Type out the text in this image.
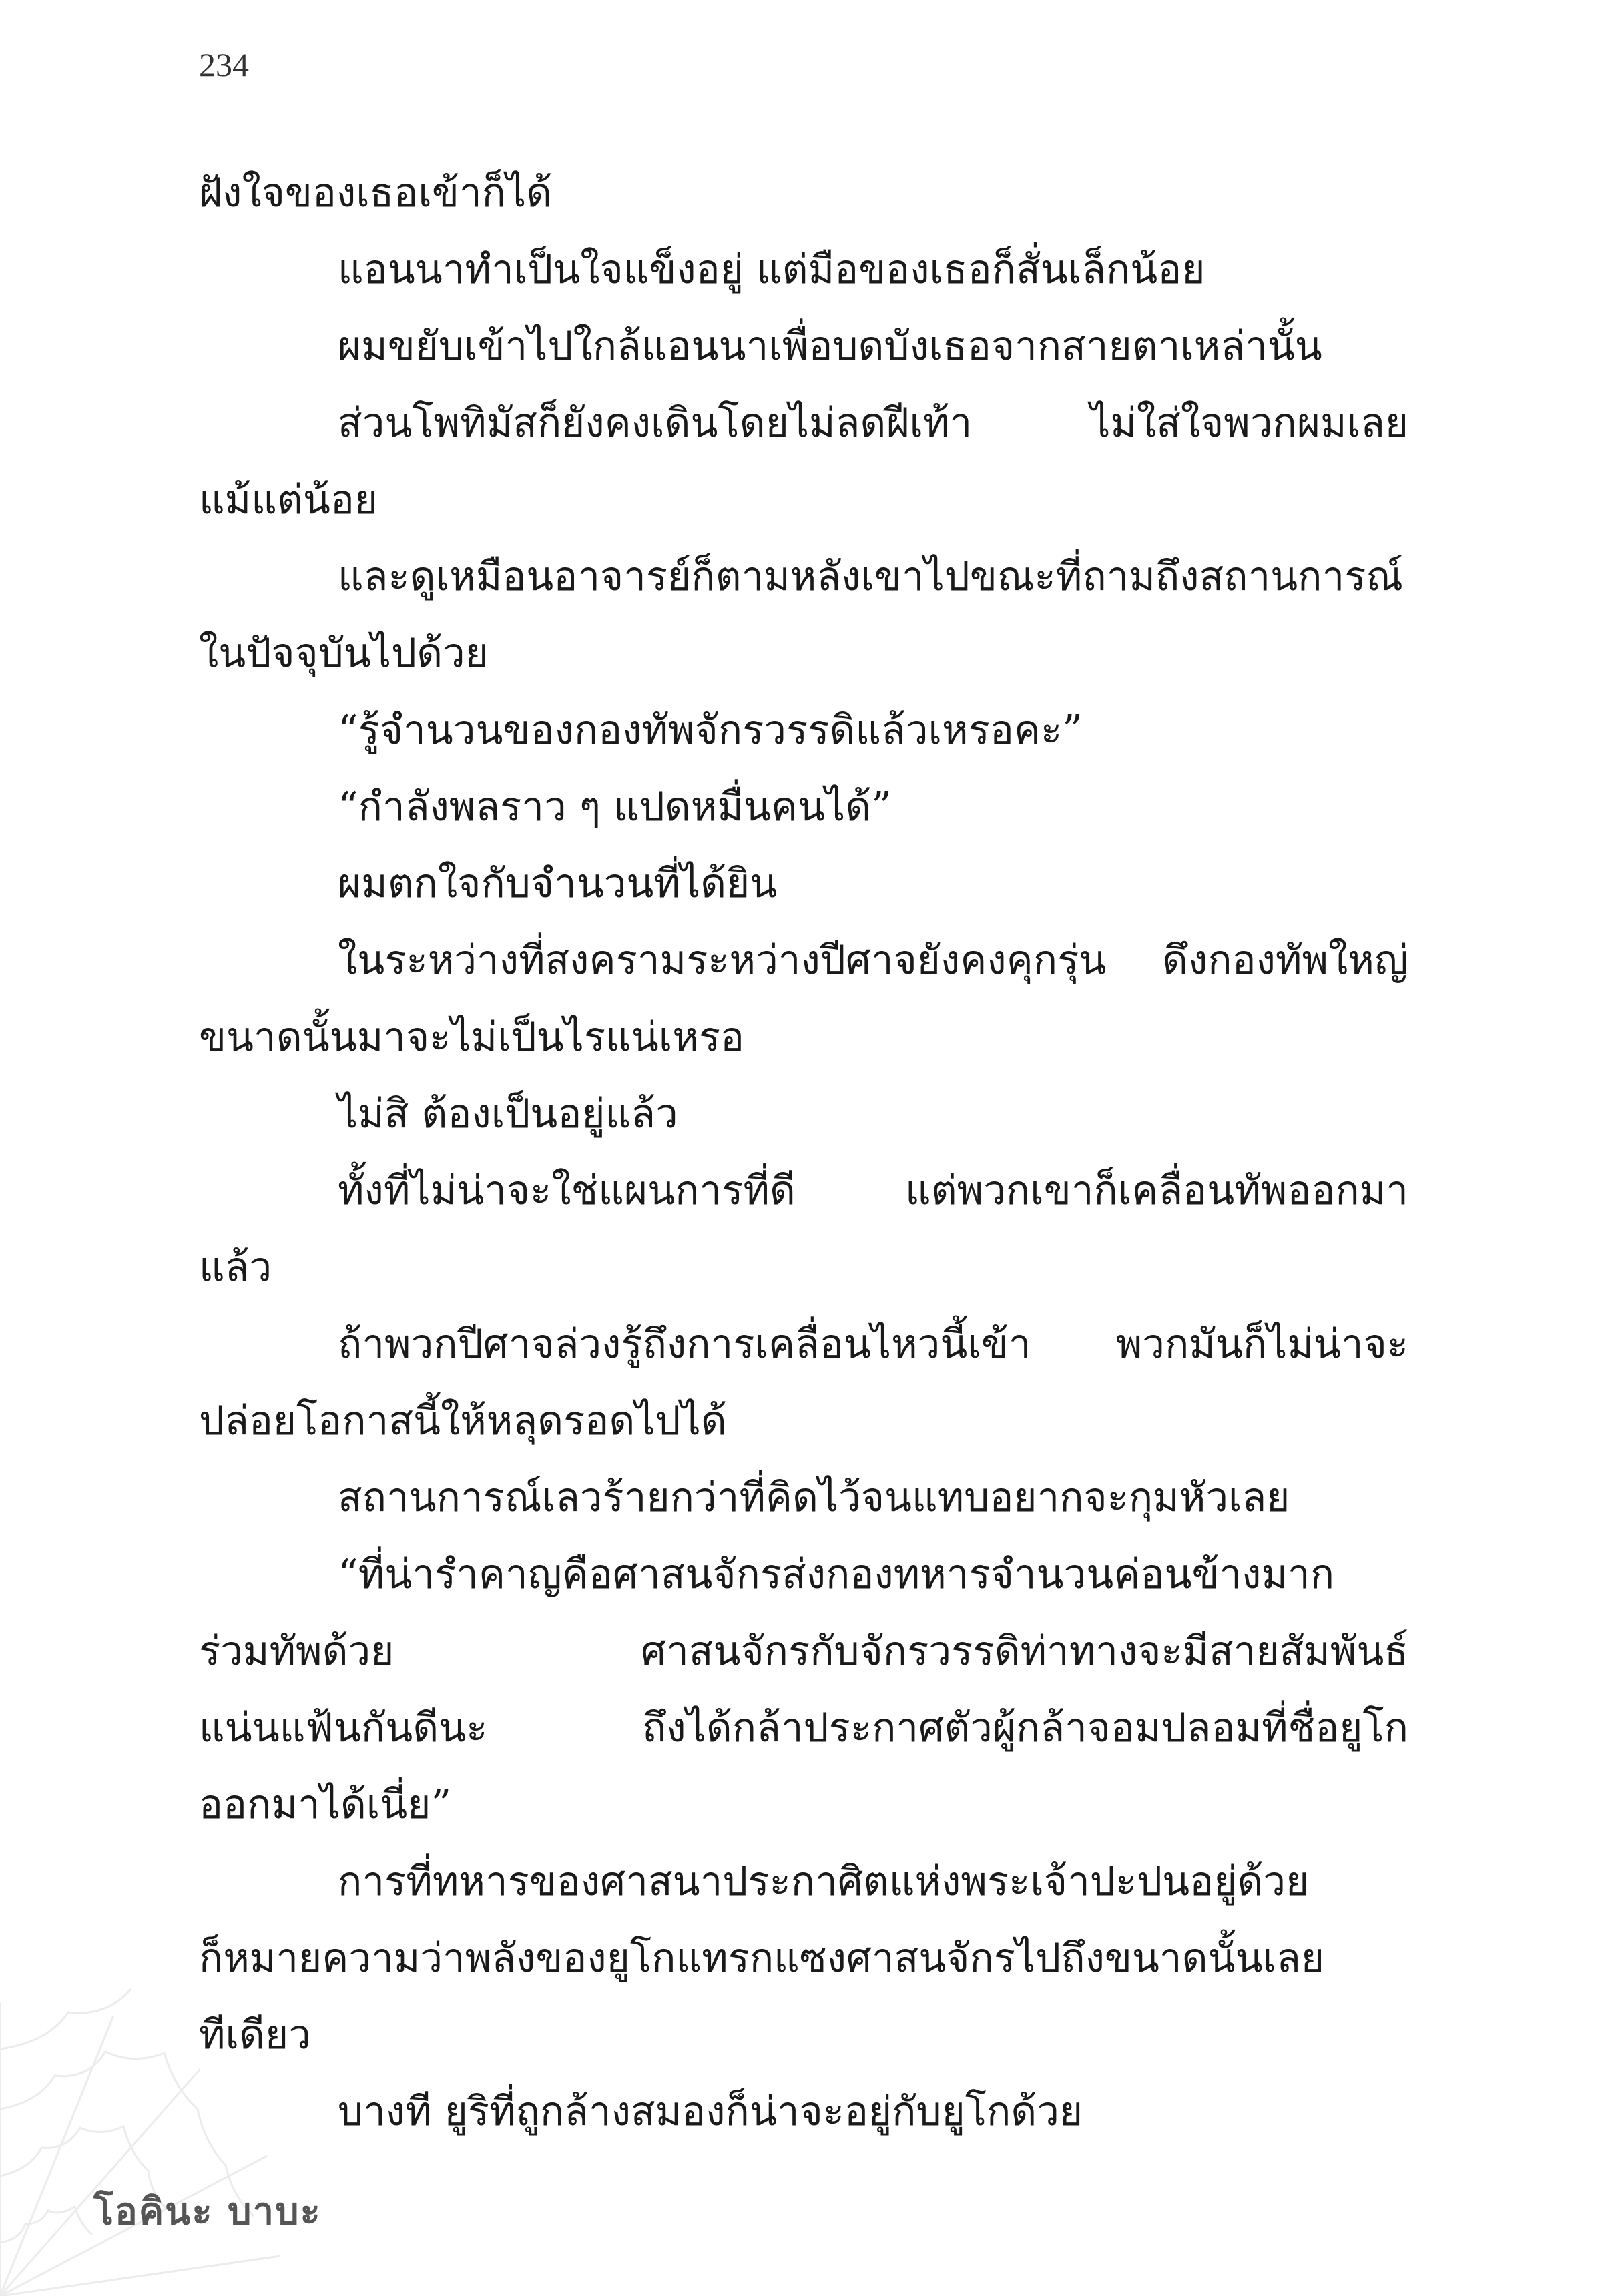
234
ฝังใจของเธอเข้าก็ได้
แอนนาทำเป็นใจแข็งอยู่ แต่มือของเธอก็สั่นเล็กน้อย
ผมขยับเข้าไปใกล้แอนนาเพื่อบดบังเธอจากสายตาเหล่านั้น
ส่วนโพทิมัสก็ยังคงเดินโดยไม่ลดฝีเท้า ไม่ใส่ใจพวกผมเลย
แม้แต่น้อย
และดูเหมือนอาจารย์ก็ตามหลังเขาไปขณะที่ถามถึงสถานการณ์
ในปัจจุบันไปด้วย
“รู้จำนวนของกองทัพจักรวรรดิแล้วเหรอคะ”
“กำลังพลราว ๆ แปดหมื่นคนได้”
ผมตกใจกับจำนวนที่ได้ยิน
ในระหว่างที่สงครามระหว่างปีศาจยังคงคุกรุ่น ดึงกองทัพใหญ่
ขนาดนั้นมาจะไม่เป็นไรแน่เหรอ
ไม่สิ ต้องเป็นอยู่แล้ว
ทั้งที่ไม่น่าจะใช่แผนการที่ดี แต่พวกเขาก็เคลื่อนทัพออกมา
แล้ว
ถ้าพวกปีศาจล่วงรู้ถึงการเคลื่อนไหวนี้เข้า พวกมันก็ไม่น่าจะ
ปล่อยโอกาสนี้ให้หลุดรอดไปได้
สถานการณ์เลวร้ายกว่าที่คิดไว้จนแทบอยากจะกุมหัวเลย
“ที่น่ารำคาญคือศาสนจักรส่งกองทหารจำนวนค่อนข้างมาก
ร่วมทัพด้วย ศาสนจักรกับจักรวรรดิท่าทางจะมีสายสัมพันธ์
แน่นแฟ้นกันดีนะ ถึงได้กล้าประกาศตัวผู้กล้าจอมปลอมที่ชื่อยูโก
ออกมาได้เนี่ย”
การที่ทหารของศาสนาประกาศิตแห่งพระเจ้าปะปนอยู่ด้วย
ก็หมายความว่าพลังของยูโกแทรกแซงศาสนจักรไปถึงขนาดนั้นเลย
ทีเดียว
บางที ยูริที่ถูกล้างสมองก็น่าจะอยู่กับยูโกด้วย
โอคินะ บาบะ
